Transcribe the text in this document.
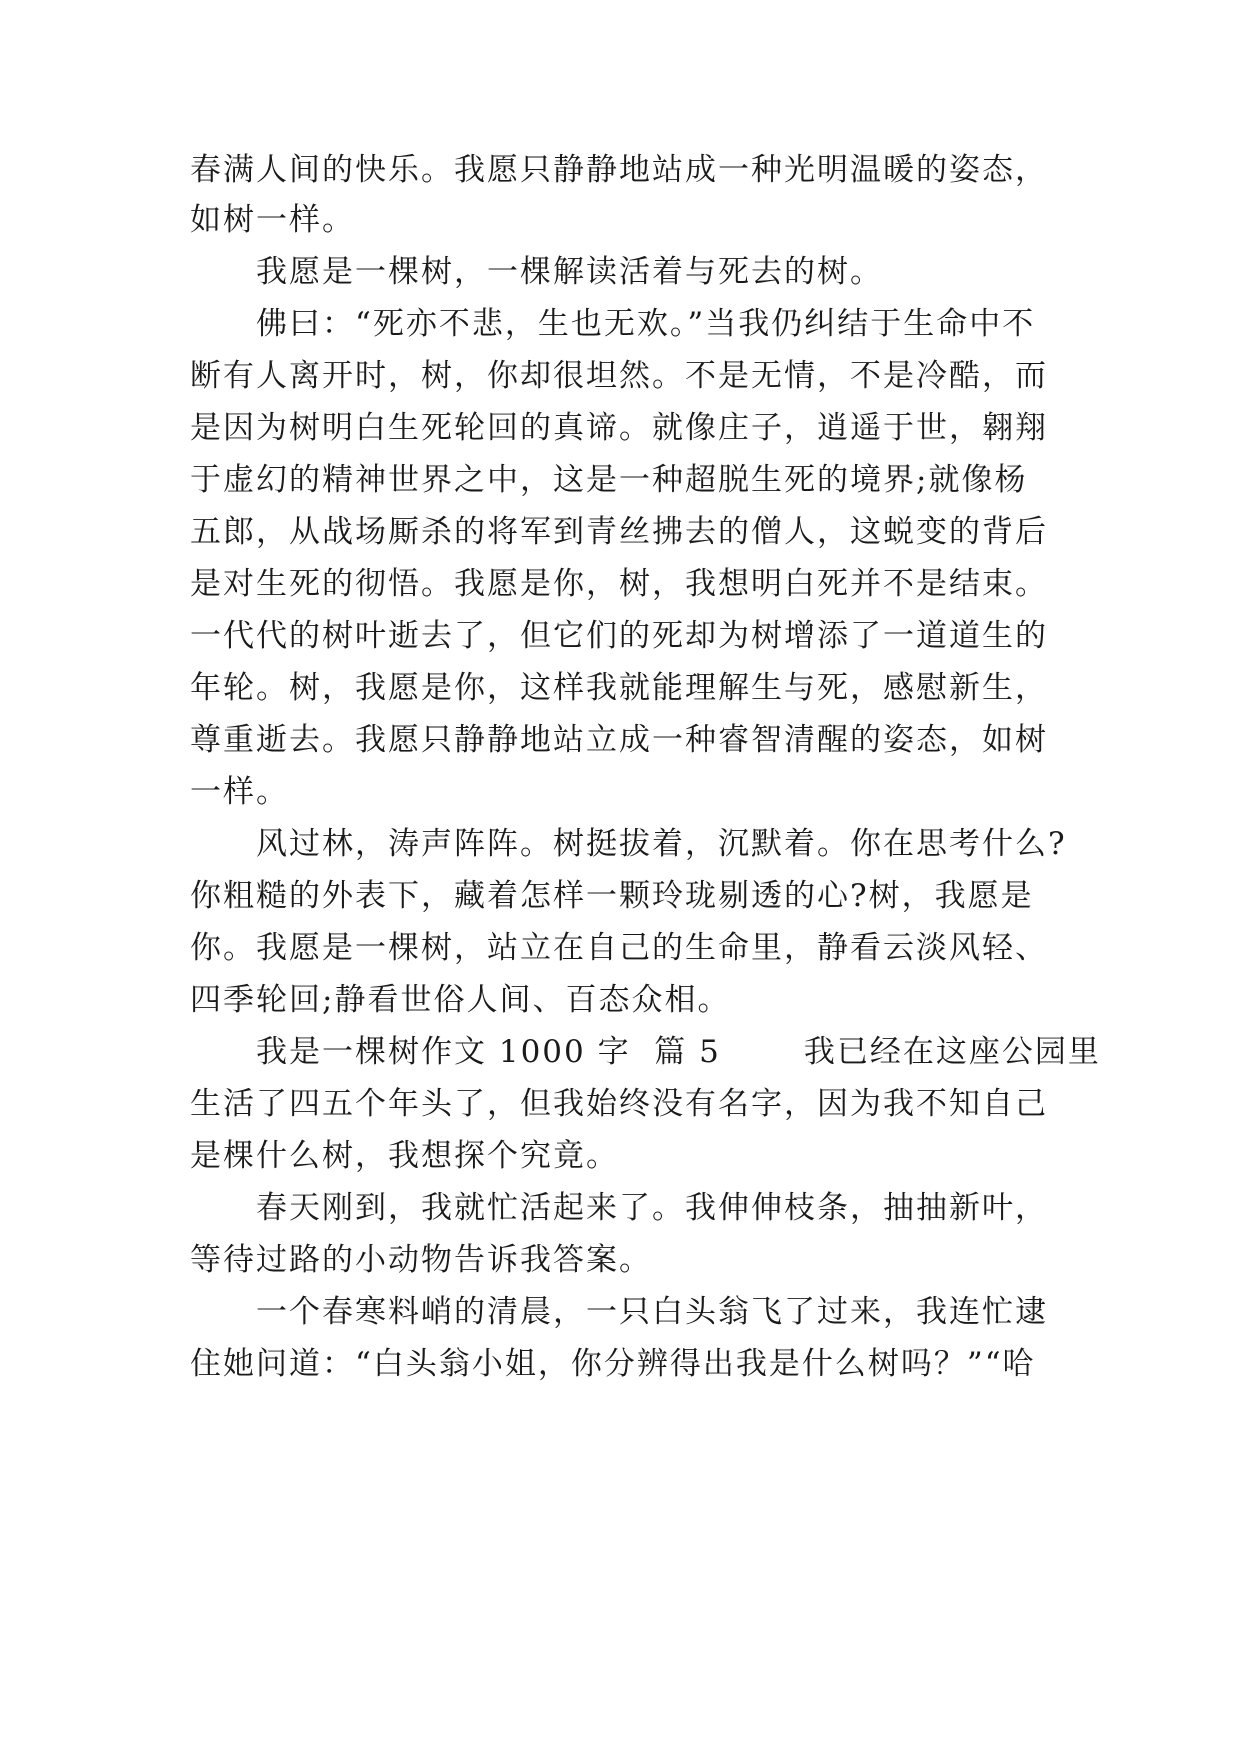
春满人间的快乐。我愿只静静地站成一种光明温暖的姿态，
如树一样。
我愿是一棵树，一棵解读活着与死去的树。
佛曰：“死亦不悲，生也无欢。”当我仍纠结于生命中不
断有人离开时，树，你却很坦然。不是无情，不是冷酷，而
是因为树明白生死轮回的真谛。就像庄子，逍遥于世，翱翔
于虚幻的精神世界之中，这是一种超脱生死的境界;就像杨
五郎，从战场厮杀的将军到青丝拂去的僧人，这蜕变的背后
是对生死的彻悟。我愿是你，树，我想明白死并不是结束。
一代代的树叶逝去了，但它们的死却为树增添了一道道生的
年轮。树，我愿是你，这样我就能理解生与死，感慰新生，
尊重逝去。我愿只静静地站立成一种睿智清醒的姿态，如树
一样。
风过林，涛声阵阵。树挺拔着，沉默着。你在思考什么?
你粗糙的外表下，藏着怎样一颗玲珑剔透的心?树，我愿是
你。我愿是一棵树，站立在自己的生命里，静看云淡风轻、
四季轮回;静看世俗人间、百态众相。
我是一棵树作文 1000 字  篇 5       我已经在这座公园里
生活了四五个年头了，但我始终没有名字，因为我不知自己
是棵什么树，我想探个究竟。
春天刚到，我就忙活起来了。我伸伸枝条，抽抽新叶，
等待过路的小动物告诉我答案。
一个春寒料峭的清晨，一只白头翁飞了过来，我连忙逮
住她问道：“白头翁小姐，你分辨得出我是什么树吗？”“哈
